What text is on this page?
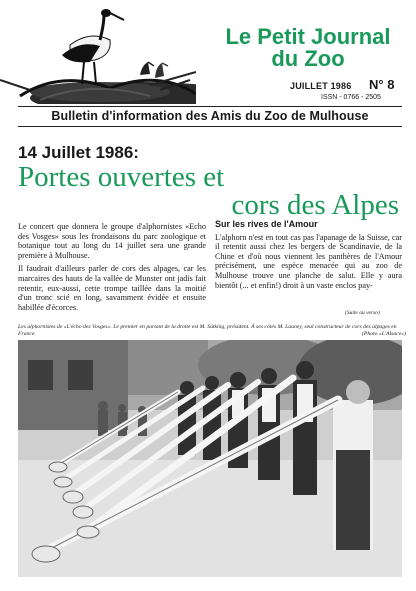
Le Petit Journal
du Zoo
JUILLET 1986 N° 8
ISSN - 0766 - 2505
Bulletin d'information des Amis du Zoo de Mulhouse
14 Juillet 1986:
Portes ouvertes et
cors des Alpes

Le concert que donnera le groupe d'alphornistes «Echo des Vosges» sous les frondaisons du parc zoologique et botanique tout au long du 14 juillet sera une grande première à Mulhouse.

Il faudrait d'ailleurs parler de cors des alpages, car les marcaires des hauts de la vallée de Munster ont jadis fait retentir, eux-aussi, cette trompe taillée dans la moitié d'un tronc scié en long, savamment évidée et ensuite habillée d'écorces.

Sur les rives de l'Amour

L'alphorn n'est en tout cas pas l'apanage de la Suisse, car il retentit aussi chez les bergers de Scandinavie, de la Chine et d'où nous viennent les panthères de l'Amour précisément, une espèce menacée qui au zoo de Mulhouse trouve une planche de salut. Elle y aura bientôt (... et enfin!) droit à un vaste enclos pay-

(Suite au verso)
Les alphornistes de «L'écho des Vosges». Le premier en partant de la droite est M. Sütking, président. À ses côtés M. Launey, seul constructeur de cors des alpages en France.	(Photo «L'Alsace»)
